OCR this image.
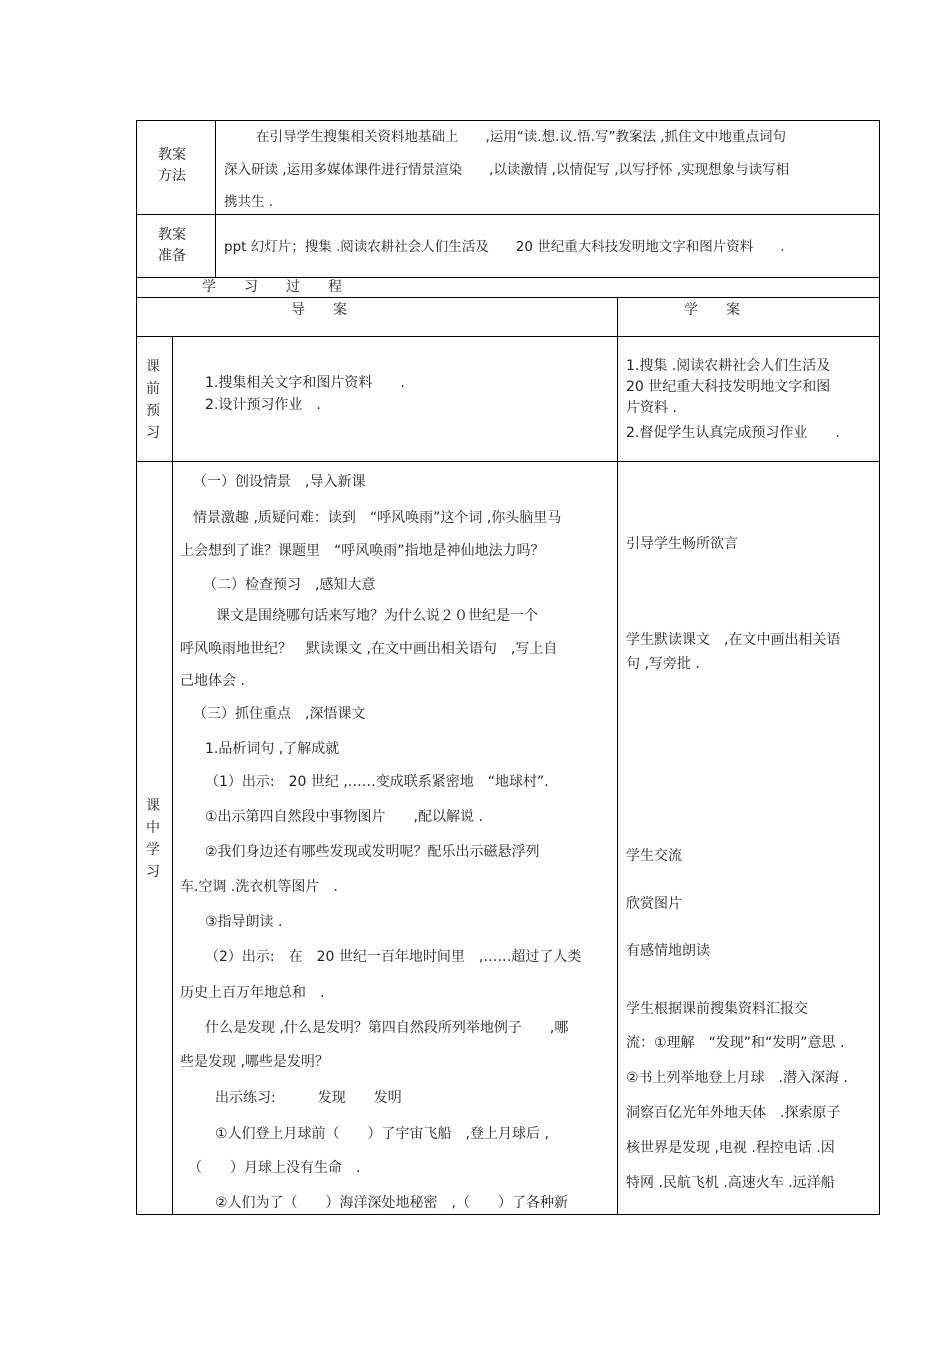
教案
方法
在引导学生搜集相关资料地基础上　　,运用“读.想.议.悟.写”教案法 ,抓住文中地重点词句
深入研读 ,运用多媒体课件进行情景渲染　　,以读激情 ,以情促写 ,以写抒怀 ,实现想象与读写相
携共生 .
教案
准备
ppt 幻灯片；搜集 .阅读农耕社会人们生活及　　20 世纪重大科技发明地文字和图片资料　　.
学　　习　　过　　程
导　　案	学　　案
课
前
预
习
1.搜集相关文字和图片资料　　.
2.设计预习作业　.
1.搜集 .阅读农耕社会人们生活及
20 世纪重大科技发明地文字和图
片资料 .
2.督促学生认真完成预习作业　　.
课
中
学
习
（一）创设情景　,导入新课
情景激趣 ,质疑问难：读到　“呼风唤雨”这个词 ,你头脑里马
上会想到了谁？课题里　“呼风唤雨”指地是神仙地法力吗？
（二）检查预习　,感知大意
课文是围绕哪句话来写地？为什么说２０世纪是一个
呼风唤雨地世纪？　默读课文 ,在文中画出相关语句　,写上自
己地体会 .
（三）抓住重点　,深悟课文
1.品析词句 ,了解成就
（1）出示:　20 世纪 ,……变成联系紧密地　“地球村”.
①出示第四自然段中事物图片　　,配以解说 .
②我们身边还有哪些发现或发明呢？配乐出示磁悬浮列
车.空调 .洗衣机等图片　.
③指导朗读 .
（2）出示:　在　20 世纪一百年地时间里　,……超过了人类
历史上百万年地总和　.
什么是发现 ,什么是发明？第四自然段所列举地例子　　,哪
些是发现 ,哪些是发明？
出示练习:　　　发现　　发明
①人们登上月球前（　　）了宇宙飞船　,登上月球后 ,
（　　）月球上没有生命　.
②人们为了（　　）海洋深处地秘密　,（　　）了各种新
引导学生畅所欲言
学生默读课文　,在文中画出相关语
句 ,写旁批 .
学生交流
欣赏图片
有感情地朗读
学生根据课前搜集资料汇报交
流：①理解　“发现”和“发明”意思 .
②书上列举地登上月球　.潜入深海 .
洞察百亿光年外地天体　.探索原子
核世界是发现 ,电视 .程控电话 .因
特网 .民航飞机 .高速火车 .远洋船
